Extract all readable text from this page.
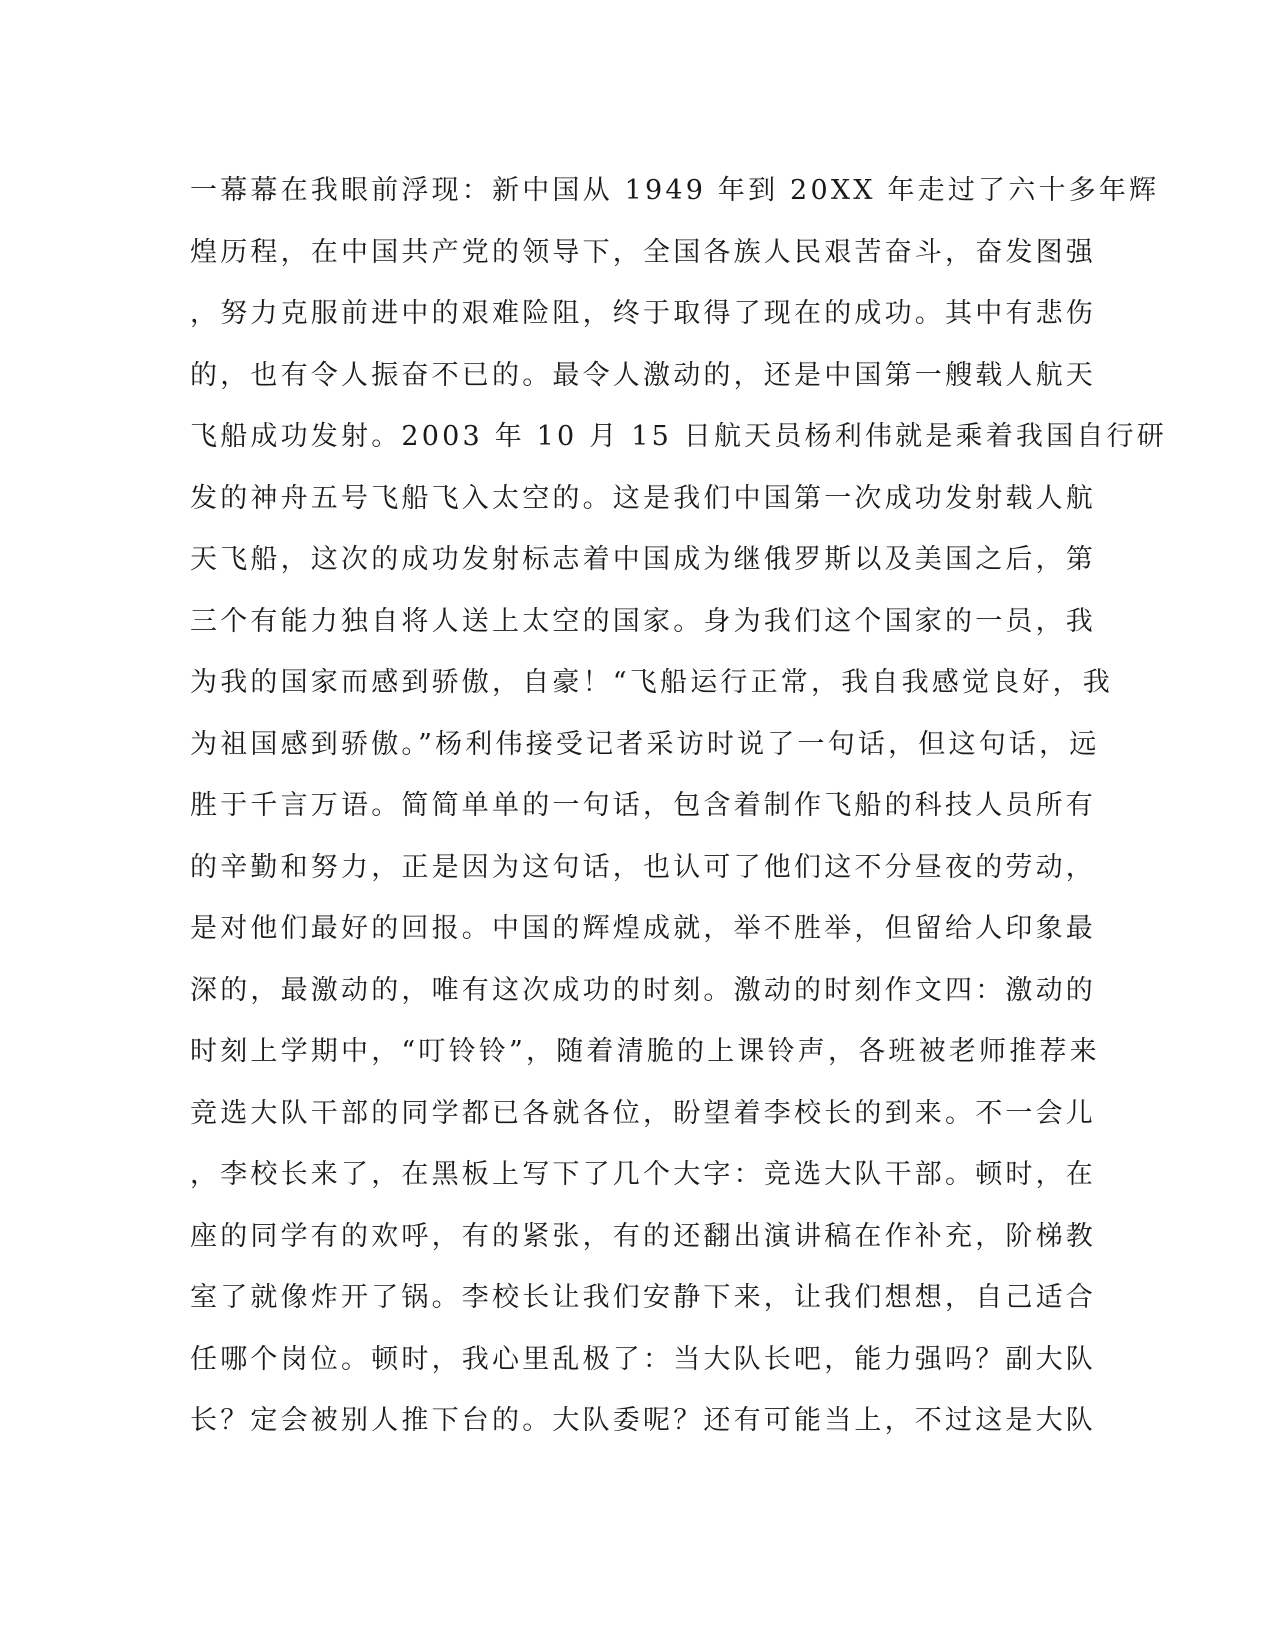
一幕幕在我眼前浮现：新中国从 1949 年到 20XX 年走过了六十多年辉
煌历程，在中国共产党的领导下，全国各族人民艰苦奋斗，奋发图强
，努力克服前进中的艰难险阻，终于取得了现在的成功。其中有悲伤
的，也有令人振奋不已的。最令人激动的，还是中国第一艘载人航天
飞船成功发射。2003 年 10 月 15 日航天员杨利伟就是乘着我国自行研
发的神舟五号飞船飞入太空的。这是我们中国第一次成功发射载人航
天飞船，这次的成功发射标志着中国成为继俄罗斯以及美国之后，第
三个有能力独自将人送上太空的国家。身为我们这个国家的一员，我
为我的国家而感到骄傲，自豪！“飞船运行正常，我自我感觉良好，我
为祖国感到骄傲。”杨利伟接受记者采访时说了一句话，但这句话，远
胜于千言万语。简简单单的一句话，包含着制作飞船的科技人员所有
的辛勤和努力，正是因为这句话，也认可了他们这不分昼夜的劳动，
是对他们最好的回报。中国的辉煌成就，举不胜举，但留给人印象最
深的，最激动的，唯有这次成功的时刻。激动的时刻作文四：激动的
时刻上学期中，“叮铃铃”，随着清脆的上课铃声，各班被老师推荐来
竞选大队干部的同学都已各就各位，盼望着李校长的到来。不一会儿
，李校长来了，在黑板上写下了几个大字：竞选大队干部。顿时，在
座的同学有的欢呼，有的紧张，有的还翻出演讲稿在作补充，阶梯教
室了就像炸开了锅。李校长让我们安静下来，让我们想想，自己适合
任哪个岗位。顿时，我心里乱极了：当大队长吧，能力强吗？副大队
长？定会被别人推下台的。大队委呢？还有可能当上，不过这是大队
